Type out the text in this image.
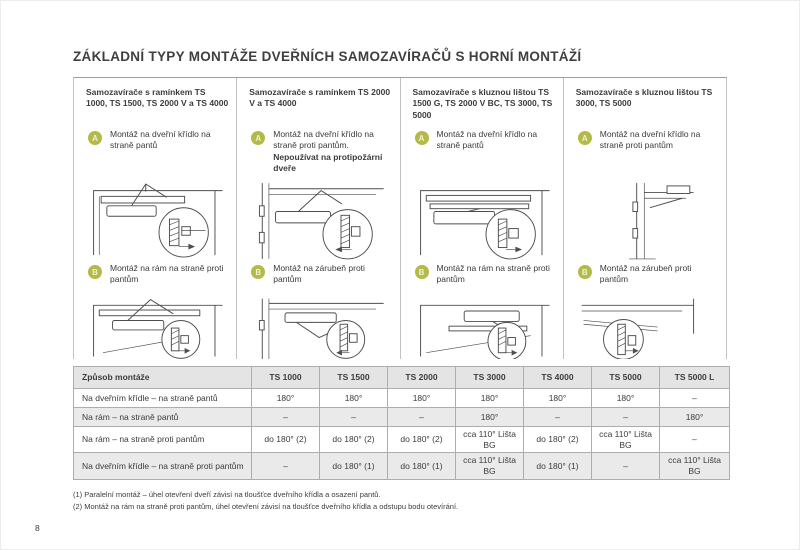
ZÁKLADNÍ TYPY MONTÁŽE DVEŘNÍCH SAMOZAVÍRAČŮ S HORNÍ MONTÁŽÍ
Samozavírače s ramínkem TS 1000, TS 1500, TS 2000 V a TS 4000
A	Montáž na dveřní křídlo na straně pantů
B	Montáž na rám na straně proti pantům
Samozavírače s ramínkem TS 2000 V a TS 4000
A	Montáž na dveřní křídlo na straně proti pantům. Nepoužívat na protipožární dveře
B	Montáž na zárubeň proti pantům
Samozavírače s kluznou lištou TS 1500 G, TS 2000 V BC, TS 3000, TS 5000
A	Montáž na dveřní křídlo na straně pantů
B	Montáž na rám na straně proti pantům
Samozavírače s kluznou lištou TS 3000, TS 5000
A	Montáž na dveřní křídlo na straně proti pantům
B	Montáž na zárubeň proti pantům
Způsob montáže	TS 1000	TS 1500	TS 2000	TS 3000	TS 4000	TS 5000	TS 5000 L
Na dveřním křídle – na straně pantů	180°	180°	180°	180°	180°	180°	–
Na rám – na straně pantů	–	–	–	180°	–	–	180°
Na rám – na straně proti pantům	do 180° (2)	do 180° (2)	do 180° (2)	cca 110° Lišta BG	do 180° (2)	cca 110° Lišta BG	–
Na dveřním křídle – na straně proti pantům	–	do 180° (1)	do 180° (1)	cca 110° Lišta BG	do 180° (1)	–	cca 110° Lišta BG
(1) Paralelní montáž – úhel otevření dveří závisí na tloušťce dveřního křídla a osazení pantů.
(2) Montáž na rám na straně proti pantům, úhel otevření závisí na tloušťce dveřního křídla a odstupu bodu otevírání.
8
